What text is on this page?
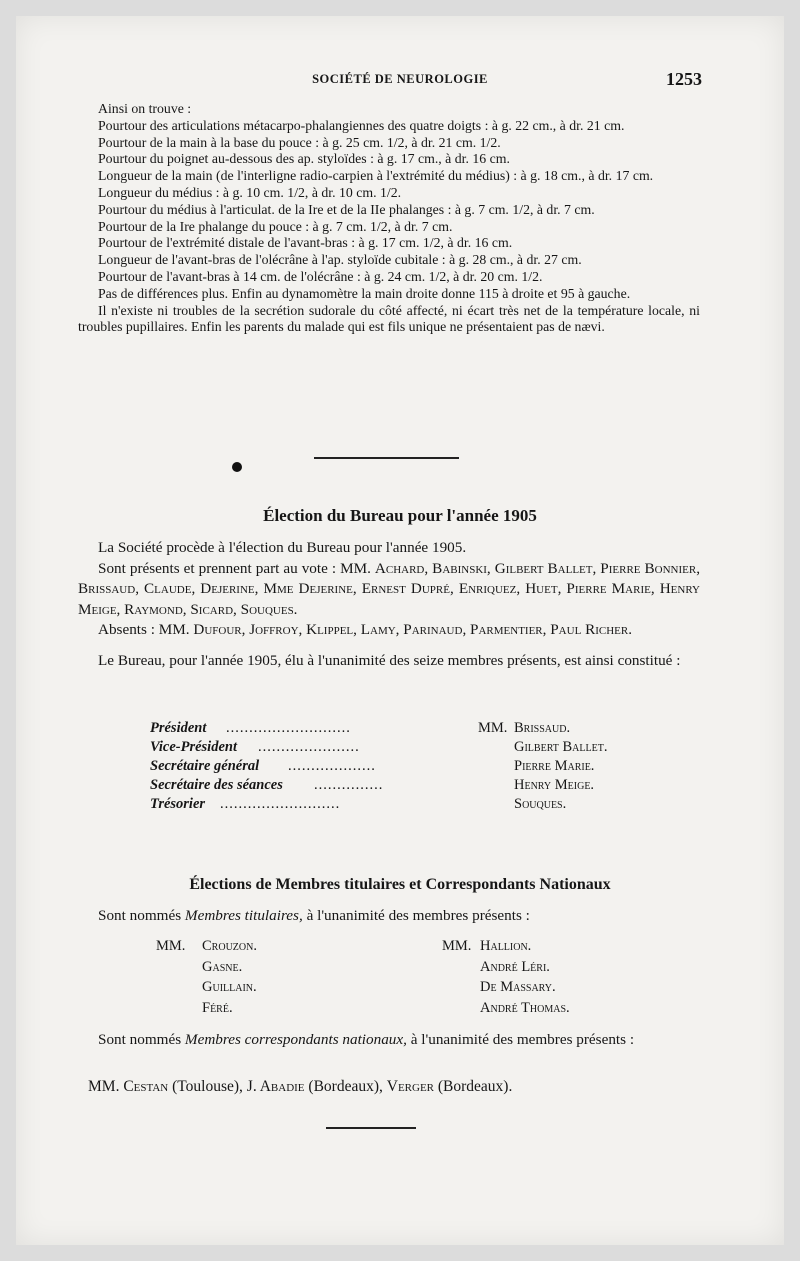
SOCIÉTÉ DE NEUROLOGIE	1253

Ainsi on trouve :

Pourtour des articulations métacarpo-phalangiennes des quatre doigts : à g. 22 cm., à dr. 21 cm.

Pourtour de la main à la base du pouce : à g. 25 cm. 1/2, à dr. 21 cm. 1/2.

Pourtour du poignet au-dessous des ap. styloïdes : à g. 17 cm., à dr. 16 cm.

Longueur de la main (de l'interligne radio-carpien à l'extrémité du médius) : à g. 18 cm., à dr. 17 cm.

Longueur du médius : à g. 10 cm. 1/2, à dr. 10 cm. 1/2.

Pourtour du médius à l'articulat. de la Ire et de la IIe phalanges : à g. 7 cm. 1/2, à dr. 7 cm.

Pourtour de la Ire phalange du pouce : à g. 7 cm. 1/2, à dr. 7 cm.

Pourtour de l'extrémité distale de l'avant-bras : à g. 17 cm. 1/2, à dr. 16 cm.

Longueur de l'avant-bras de l'olécrâne à l'ap. styloïde cubitale : à g. 28 cm., à dr. 27 cm.

Pourtour de l'avant-bras à 14 cm. de l'olécrâne : à g. 24 cm. 1/2, à dr. 20 cm. 1/2.

Pas de différences plus. Enfin au dynamomètre la main droite donne 115 à droite et 95 à gauche.

Il n'existe ni troubles de la secrétion sudorale du côté affecté, ni écart très net de la température locale, ni troubles pupillaires. Enfin les parents du malade qui est fils unique ne présentaient pas de nævi.

Élection du Bureau pour l'année 1905

La Société procède à l'élection du Bureau pour l'année 1905.

Sont présents et prennent part au vote : MM. Achard, Babinski, Gilbert Ballet, Pierre Bonnier, Brissaud, Claude, Dejerine, Mme Dejerine, Ernest Dupré, Enriquez, Huet, Pierre Marie, Henry Meige, Raymond, Sicard, Souques.

Absents : MM. Dufour, Joffroy, Klippel, Lamy, Parinaud, Parmentier, Paul Richer.

Le Bureau, pour l'année 1905, élu à l'unanimité des seize membres présents, est ainsi constitué :

Président ...........................	MM. Brissaud.
Vice-Président ......................	Gilbert Ballet.
Secrétaire général ...................	Pierre Marie.
Secrétaire des séances ...............	Henry Meige.
Trésorier ..........................	Souques.
Élections de Membres titulaires et Correspondants Nationaux

Sont nommés Membres titulaires, à l'unanimité des membres présents :

MM. Crouzon.	MM. Hallion.
Gasne.	André Léri.
Guillain.	De Massary.
Féré.	André Thomas.

Sont nommés Membres correspondants nationaux, à l'unanimité des membres présents :

MM. Cestan (Toulouse), J. Abadie (Bordeaux), Verger (Bordeaux).
